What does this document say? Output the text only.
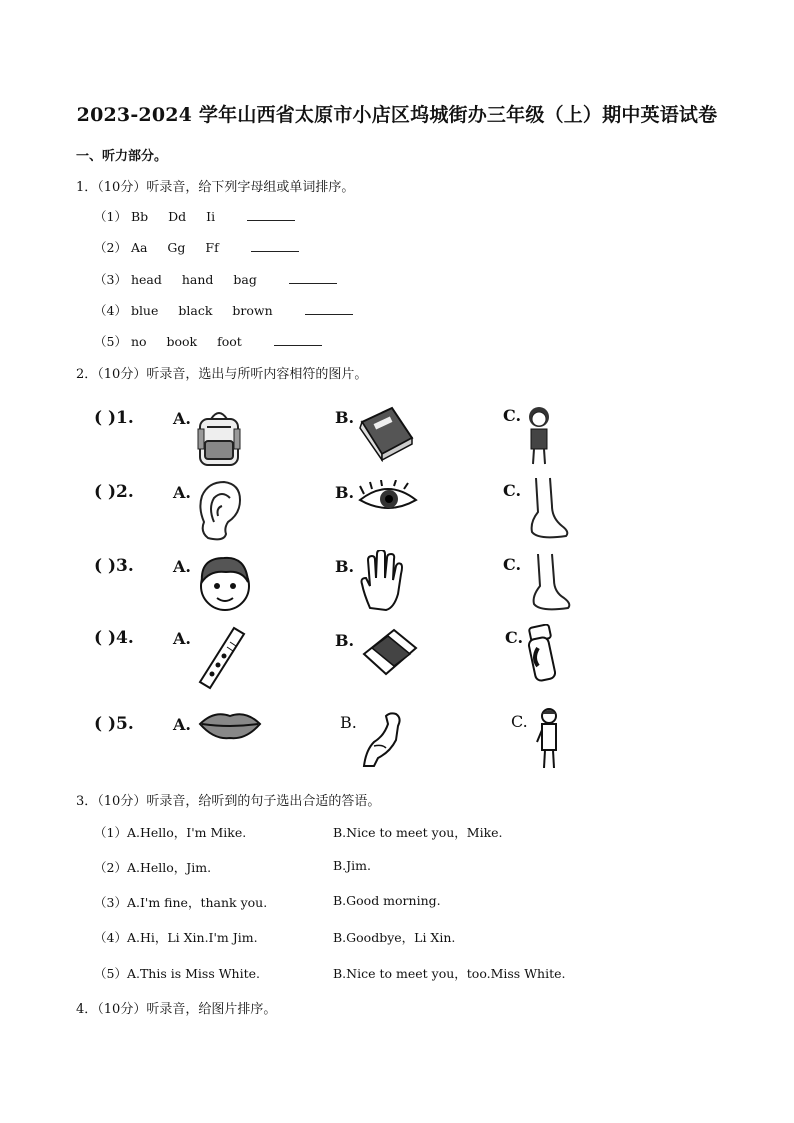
2023-2024 学年山西省太原市小店区坞城街办三年级（上）期中英语试卷
一、听力部分。
1．（10分）听录音，给下列字母组或单词排序。
（1） Bb Dd Ii
（2） Aa Gg Ff
（3） head hand bag
（4） blue black brown
（5） no book foot
2．（10分）听录音，选出与所听内容相符的图片。
( )1. A.	B.	C.
( )2. A.	B.	C.
( )3. A.	B.	C.
( )4. A.	B.	C.
( )5. A.	B.	C.
3．（10分）听录音，给听到的句子选出合适的答语。
（1）A.Hello，I'm Mike.	B.Nice to meet you，Mike.
（2）A.Hello，Jim.	B.Jim.
（3）A.I'm fine，thank you.	B.Good morning.
（4）A.Hi，Li Xin.I'm Jim.	B.Goodbye，Li Xin.
（5）A.This is Miss White.	B.Nice to meet you，too.Miss White.
4．（10分）听录音，给图片排序。
